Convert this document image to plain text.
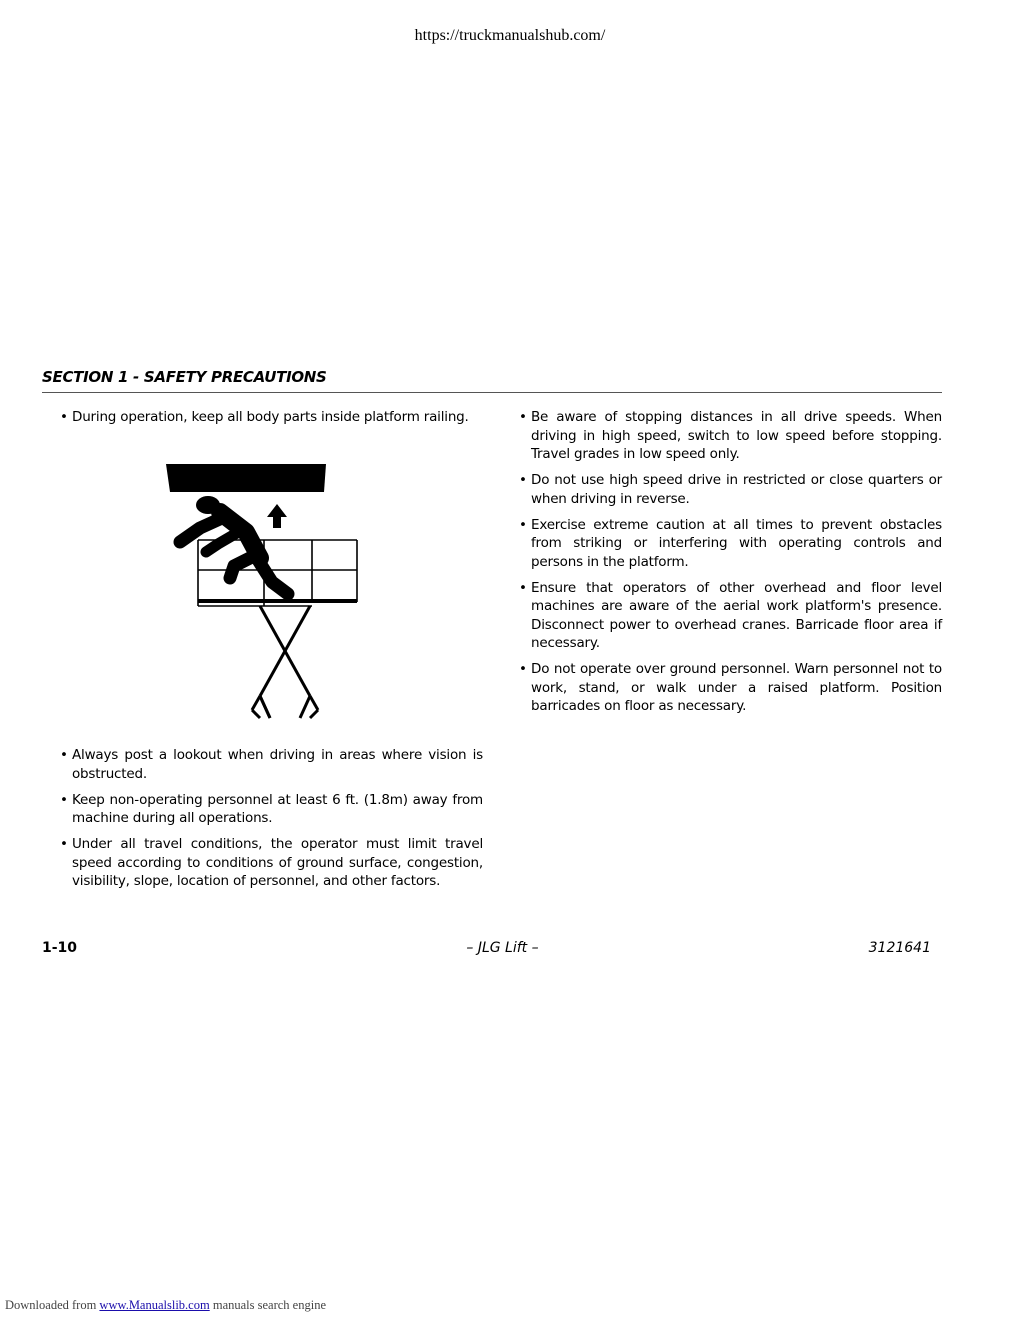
https://truckmanualshub.com/
SECTION 1 - SAFETY PRECAUTIONS
• During operation, keep all body parts inside platform railing.
• Always post a lookout when driving in areas where vision is obstructed.
• Keep non-operating personnel at least 6 ft. (1.8m) away from machine during all operations.
• Under all travel conditions, the operator must limit travel speed according to conditions of ground surface, congestion, visibility, slope, location of personnel, and other factors.
• Be aware of stopping distances in all drive speeds. When driving in high speed, switch to low speed before stopping. Travel grades in low speed only.
• Do not use high speed drive in restricted or close quarters or when driving in reverse.
• Exercise extreme caution at all times to prevent obstacles from striking or interfering with operating controls and persons in the platform.
• Ensure that operators of other overhead and floor level machines are aware of the aerial work platform's presence. Disconnect power to overhead cranes. Barricade floor area if necessary.
• Do not operate over ground personnel. Warn personnel not to work, stand, or walk under a raised platform. Position barricades on floor as necessary.
1-10	– JLG Lift –	3121641
Downloaded from www.Manualslib.com manuals search engine
